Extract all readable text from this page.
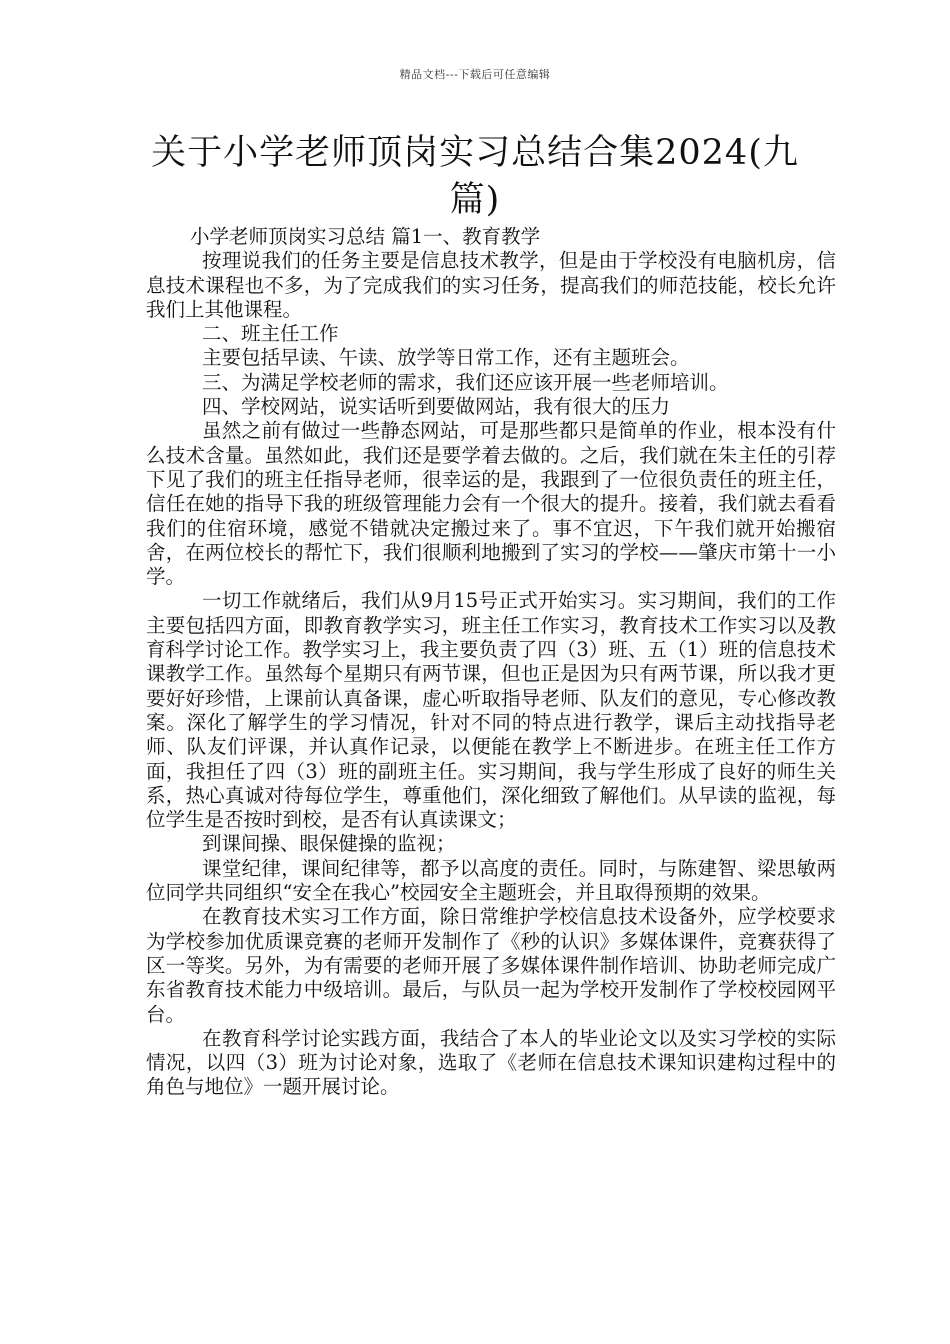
精品文档---下载后可任意编辑
关于小学老师顶岗实习总结合集2024(九篇)

小学老师顶岗实习总结 篇1一、教育教学

按理说我们的任务主要是信息技术教学，但是由于学校没有电脑机房，信息技术课程也不多，为了完成我们的实习任务，提高我们的师范技能，校长允许我们上其他课程。

二、班主任工作

主要包括早读、午读、放学等日常工作，还有主题班会。

三、为满足学校老师的需求，我们还应该开展一些老师培训。

四、学校网站，说实话听到要做网站，我有很大的压力

虽然之前有做过一些静态网站，可是那些都只是简单的作业，根本没有什么技术含量。虽然如此，我们还是要学着去做的。之后，我们就在朱主任的引荐下见了我们的班主任指导老师，很幸运的是，我跟到了一位很负责任的班主任，信任在她的指导下我的班级管理能力会有一个很大的提升。接着，我们就去看看我们的住宿环境，感觉不错就决定搬过来了。事不宜迟，下午我们就开始搬宿舍，在两位校长的帮忙下，我们很顺利地搬到了实习的学校——肇庆市第十一小学。

一切工作就绪后，我们从9月15号正式开始实习。实习期间，我们的工作主要包括四方面，即教育教学实习，班主任工作实习，教育技术工作实习以及教育科学讨论工作。教学实习上，我主要负责了四（3）班、五（1）班的信息技术课教学工作。虽然每个星期只有两节课，但也正是因为只有两节课，所以我才更要好好珍惜，上课前认真备课，虚心听取指导老师、队友们的意见，专心修改教案。深化了解学生的学习情况，针对不同的特点进行教学，课后主动找指导老师、队友们评课，并认真作记录，以便能在教学上不断进步。在班主任工作方面，我担任了四（3）班的副班主任。实习期间，我与学生形成了良好的师生关系，热心真诚对待每位学生，尊重他们，深化细致了解他们。从早读的监视，每位学生是否按时到校，是否有认真读课文；

到课间操、眼保健操的监视；

课堂纪律，课间纪律等，都予以高度的责任。同时，与陈建智、梁思敏两位同学共同组织“安全在我心”校园安全主题班会，并且取得预期的效果。

在教育技术实习工作方面，除日常维护学校信息技术设备外，应学校要求为学校参加优质课竞赛的老师开发制作了《秒的认识》多媒体课件，竞赛获得了区一等奖。另外，为有需要的老师开展了多媒体课件制作培训、协助老师完成广东省教育技术能力中级培训。最后，与队员一起为学校开发制作了学校校园网平台。

在教育科学讨论实践方面，我结合了本人的毕业论文以及实习学校的实际情况，以四（3）班为讨论对象，选取了《老师在信息技术课知识建构过程中的角色与地位》一题开展讨论。
